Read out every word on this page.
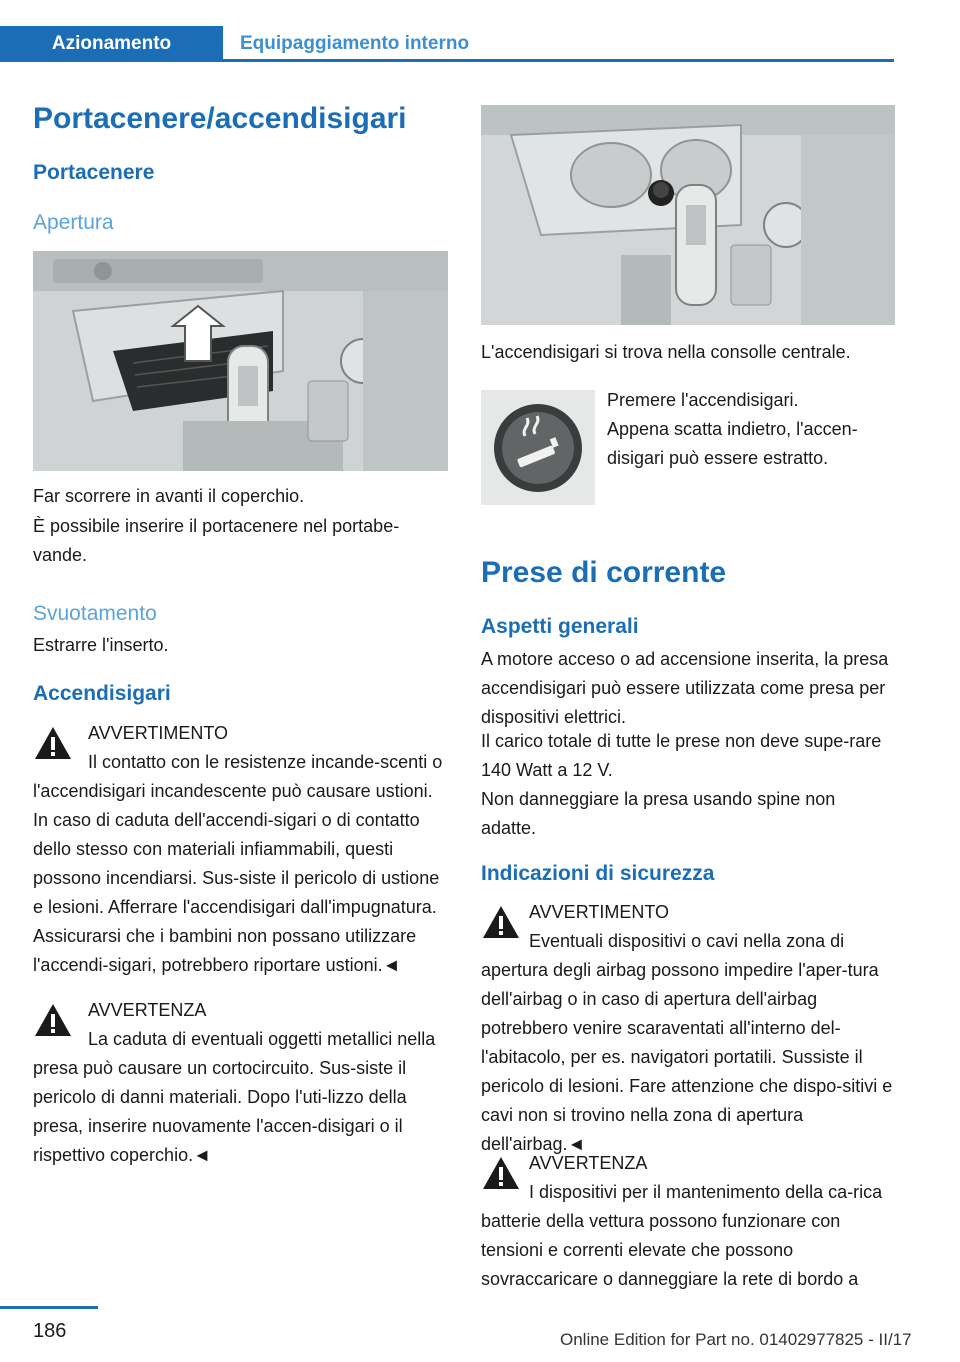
Azionamento	Equipaggiamento interno
Portacenere/accendisigari
Portacenere
Apertura
Far scorrere in avanti il coperchio.
È possibile inserire il portacenere nel portabe-vande.
Svuotamento
Estrarre l'inserto.
Accendisigari
AVVERTIMENTO
Il contatto con le resistenze incande-scenti o l'accendisigari incandescente può causare ustioni. In caso di caduta dell'accendi-sigari o di contatto dello stesso con materiali infiammabili, questi possono incendiarsi. Sus-siste il pericolo di ustione e lesioni. Afferrare l'accendisigari dall'impugnatura. Assicurarsi che i bambini non possano utilizzare l'accendi-sigari, potrebbero riportare ustioni.◄
AVVERTENZA
La caduta di eventuali oggetti metallici nella presa può causare un cortocircuito. Sus-siste il pericolo di danni materiali. Dopo l'uti-lizzo della presa, inserire nuovamente l'accen-disigari o il rispettivo coperchio.◄
L'accendisigari si trova nella consolle centrale.
Premere l'accendisigari.
Appena scatta indietro, l'accen-disigari può essere estratto.
Prese di corrente
Aspetti generali
A motore acceso o ad accensione inserita, la presa accendisigari può essere utilizzata come presa per dispositivi elettrici.
Il carico totale di tutte le prese non deve supe-rare 140 Watt a 12 V.
Non danneggiare la presa usando spine non adatte.
Indicazioni di sicurezza
AVVERTIMENTO
Eventuali dispositivi o cavi nella zona di apertura degli airbag possono impedire l'aper-tura dell'airbag o in caso di apertura dell'airbag potrebbero venire scaraventati all'interno del-l'abitacolo, per es. navigatori portatili. Sussiste il pericolo di lesioni. Fare attenzione che dispo-sitivi e cavi non si trovino nella zona di apertura dell'airbag.◄
AVVERTENZA
I dispositivi per il mantenimento della ca-rica batterie della vettura possono funzionare con tensioni e correnti elevate che possono sovraccaricare o danneggiare la rete di bordo a
186	Online Edition for Part no. 01402977825 - II/17
